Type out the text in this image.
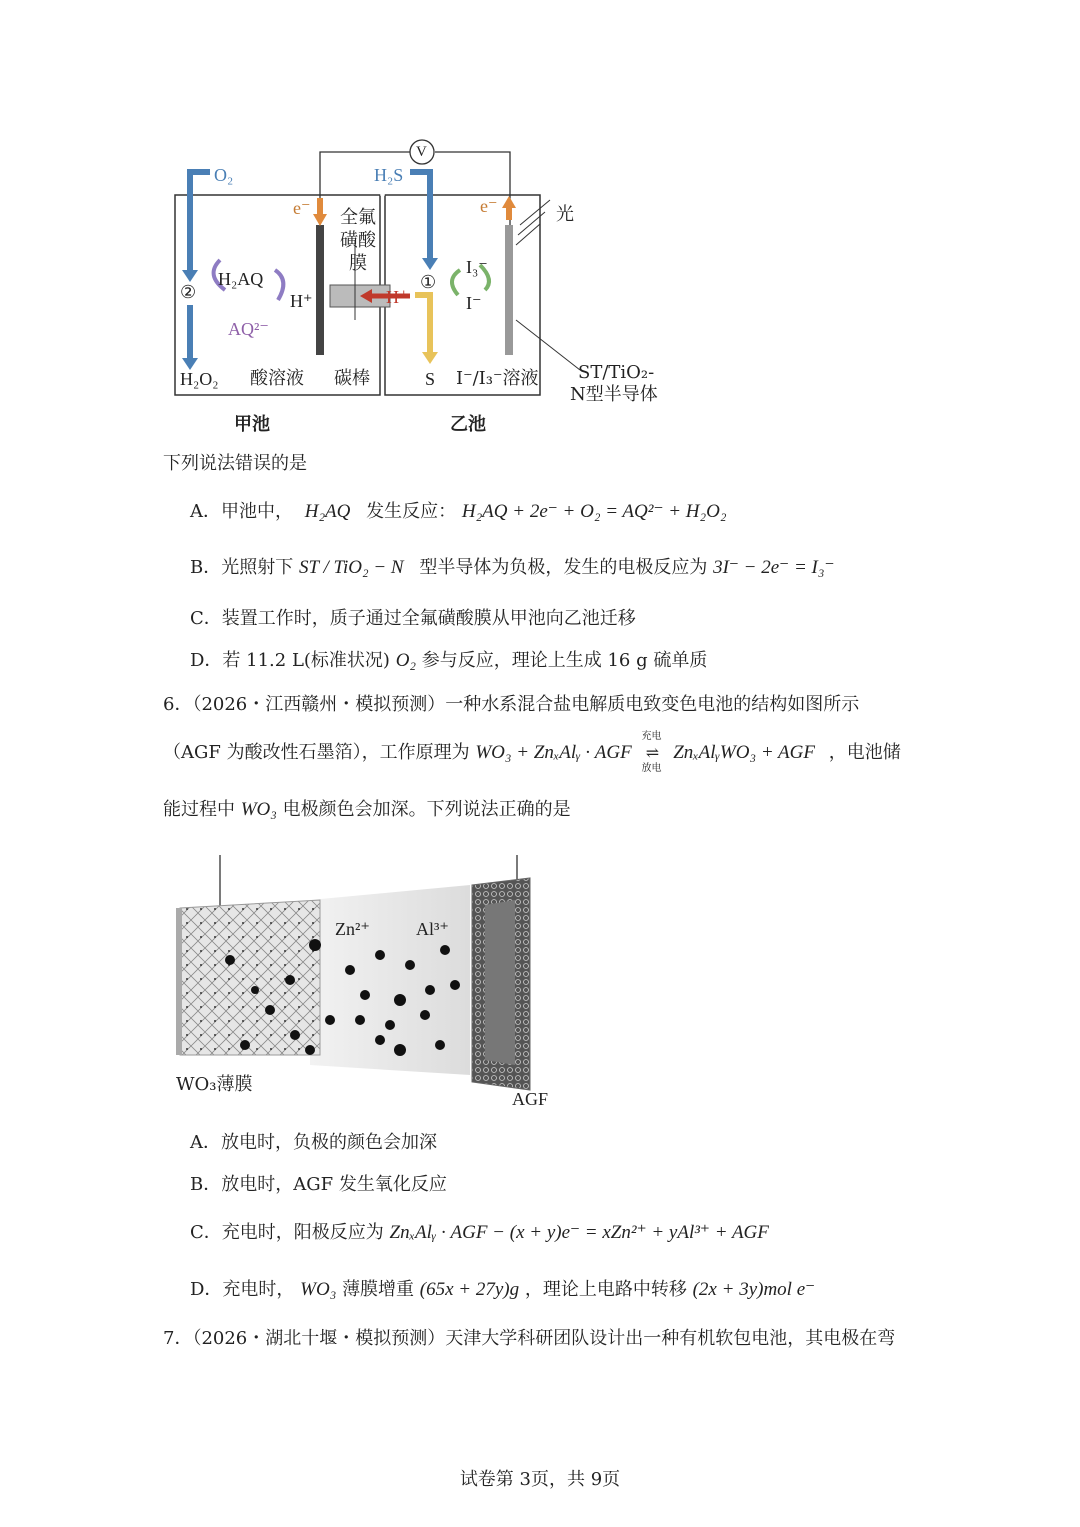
O₂	H₂S
V
e⁻	e⁻	光
全氟
磺酸
膜
H₂AQ
AQ²⁻
H⁺	H⁺
②	①
I₃⁻
I⁻
H₂O₂ 酸溶液 碳棒	S I⁻/I₃⁻溶液 ST/TiO₂-
N型半导体
甲池	乙池
下列说法错误的是
A．甲池中， H₂AQ 发生反应： H₂AQ + 2e⁻ + O₂ = AQ²⁻ + H₂O₂
B．光照射下 ST / TiO₂ − N 型半导体为负极，发生的电极反应为 3I⁻ − 2e⁻ = I₃⁻
C．装置工作时，质子通过全氟磺酸膜从甲池向乙池迁移
D．若 11.2 L(标准状况) O₂ 参与反应，理论上生成 16 g 硫单质
6．（2026・江西赣州・模拟预测）一种水系混合盐电解质电致变色电池的结构如图所示
（AGF 为酸改性石墨箔），工作原理为 WO₃ + ZnₓAlᵧ · AGF
充电
⇌
放电
ZnₓAlᵧWO₃ + AGF ，电池储
能过程中 WO₃ 电极颜色会加深。下列说法正确的是
Zn²⁺	Al³⁺
WO₃薄膜
AGF
A．放电时，负极的颜色会加深
B．放电时，AGF 发生氧化反应
C．充电时，阳极反应为 ZnₓAlᵧ · AGF − (x + y)e⁻ = xZn²⁺ + yAl³⁺ + AGF
D．充电时， WO₃ 薄膜增重 (65x + 27y)g ，理论上电路中转移 (2x + 3y)mol e⁻
7．（2026・湖北十堰・模拟预测）天津大学科研团队设计出一种有机软包电池，其电极在弯
试卷第 3页，共 9页
